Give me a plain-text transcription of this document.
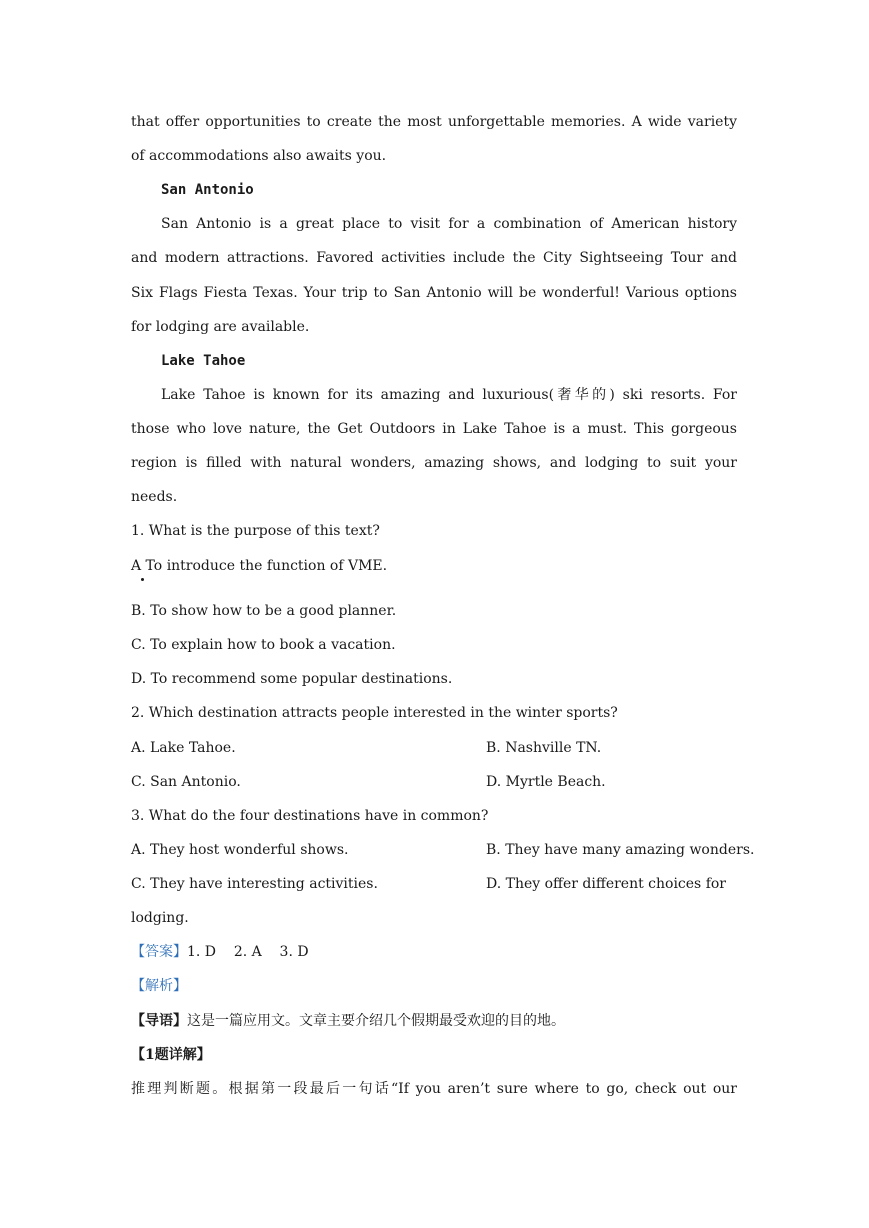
that offer opportunities to create the most unforgettable memories. A wide variety
of accommodations also awaits you.
San Antonio
San Antonio is a great place to visit for a combination of American history
and modern attractions. Favored activities include the City Sightseeing Tour and
Six Flags Fiesta Texas. Your trip to San Antonio will be wonderful! Various options
for lodging are available.
Lake Tahoe
Lake Tahoe is known for its amazing and luxurious(奢华的) ski resorts. For
those who love nature, the Get Outdoors in Lake Tahoe is a must. This gorgeous
region is filled with natural wonders, amazing shows, and lodging to suit your
needs.
1. What is the purpose of this text?
A To introduce the function of VME.
B. To show how to be a good planner.
C. To explain how to book a vacation.
D. To recommend some popular destinations.
2. Which destination attracts people interested in the winter sports?
A. Lake Tahoe.	B. Nashville TN.
C. San Antonio.	D. Myrtle Beach.
3. What do the four destinations have in common?
A. They host wonderful shows.	B. They have many amazing wonders.
C. They have interesting activities.	D. They offer different choices for
lodging.
【答案】1. D    2. A    3. D
【解析】
【导语】这是一篇应用文。文章主要介绍几个假期最受欢迎的目的地。
【1题详解】
推理判断题。根据第一段最后一句话“If you aren’t sure where to go, check out our
